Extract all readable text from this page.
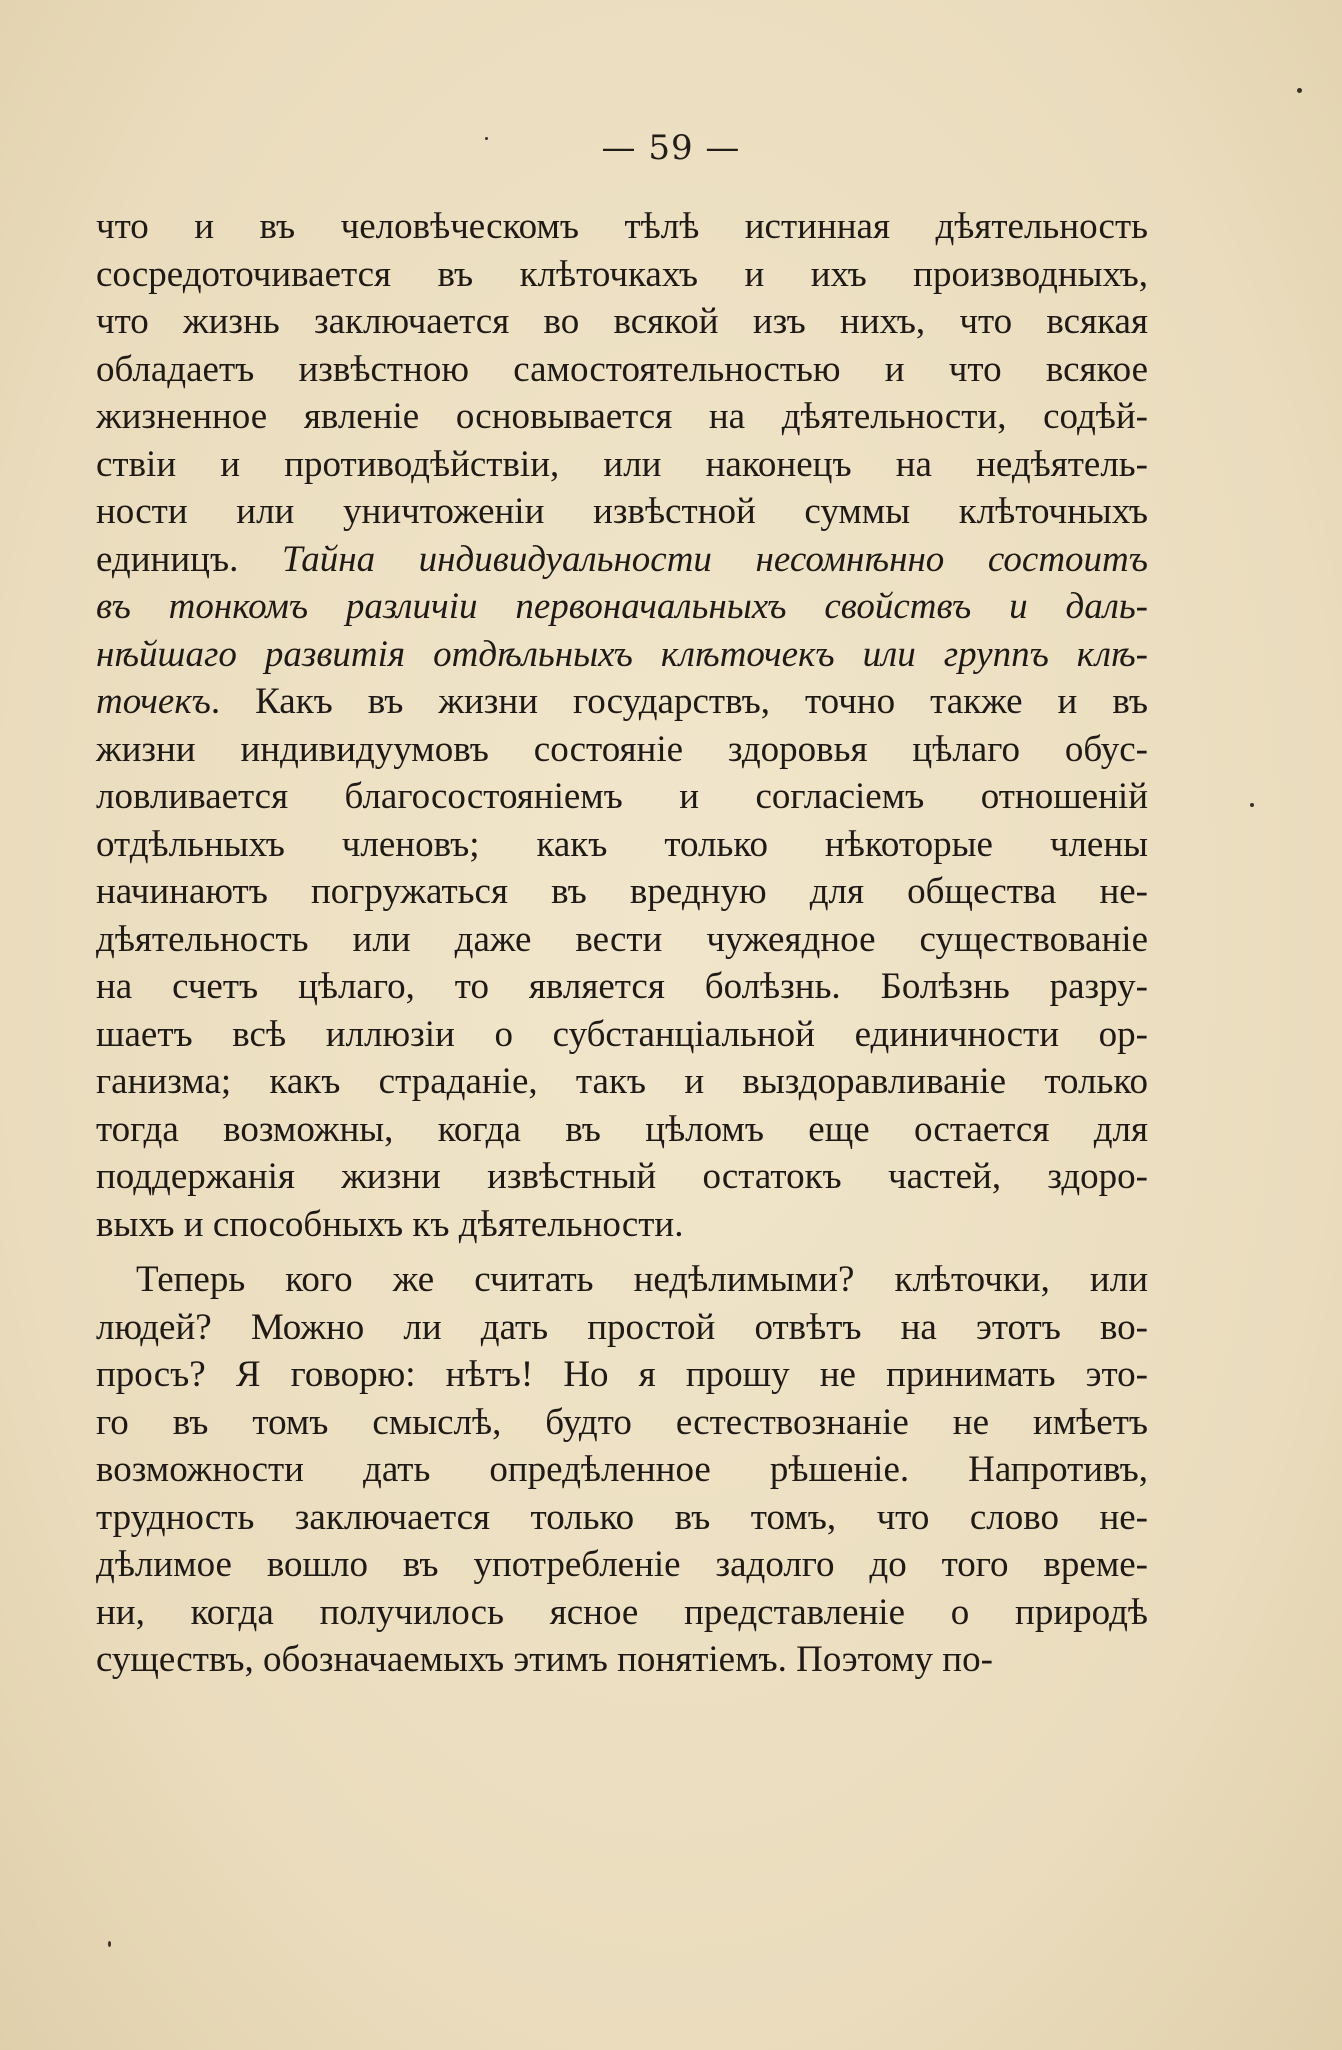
— 59 —
что и въ человѣческомъ тѣлѣ истинная дѣятельность
сосредоточивается въ клѣточкахъ и ихъ производныхъ,
что жизнь заключается во всякой изъ нихъ, что всякая
обладаетъ извѣстною самостоятельностью и что всякое
жизненное явленіе основывается на дѣятельности, содѣй-
ствіи и противодѣйствіи, или наконецъ на недѣятель-
ности или уничтоженіи извѣстной суммы клѣточныхъ
единицъ. Тайна индивидуальности несомнѣнно состоитъ
въ тонкомъ различіи первоначальныхъ свойствъ и даль-
нѣйшаго развитія отдѣльныхъ клѣточекъ или группъ клѣ-
точекъ. Какъ въ жизни государствъ, точно также и въ
жизни индивидуумовъ состояніе здоровья цѣлаго обус-
ловливается благосостояніемъ и согласіемъ отношеній
отдѣльныхъ членовъ; какъ только нѣкоторые члены
начинаютъ погружаться въ вредную для общества не-
дѣятельность или даже вести чужеядное существованіе
на счетъ цѣлаго, то является болѣзнь. Болѣзнь разру-
шаетъ всѣ иллюзіи о субстанціальной единичности ор-
ганизма; какъ страданіе, такъ и выздоравливаніе только
тогда возможны, когда въ цѣломъ еще остается для
поддержанія жизни извѣстный остатокъ частей, здоро-
выхъ и способныхъ къ дѣятельности.
Теперь кого же считать недѣлимыми? клѣточки, или
людей? Можно ли дать простой отвѣтъ на этотъ во-
просъ? Я говорю: нѣтъ! Но я прошу не принимать это-
го въ томъ смыслѣ, будто естествознаніе не имѣетъ
возможности дать опредѣленное рѣшеніе. Напротивъ,
трудность заключается только въ томъ, что слово не-
дѣлимое вошло въ употребленіе задолго до того време-
ни, когда получилось ясное представленіе о природѣ
существъ, обозначаемыхъ этимъ понятіемъ. Поэтому по-
